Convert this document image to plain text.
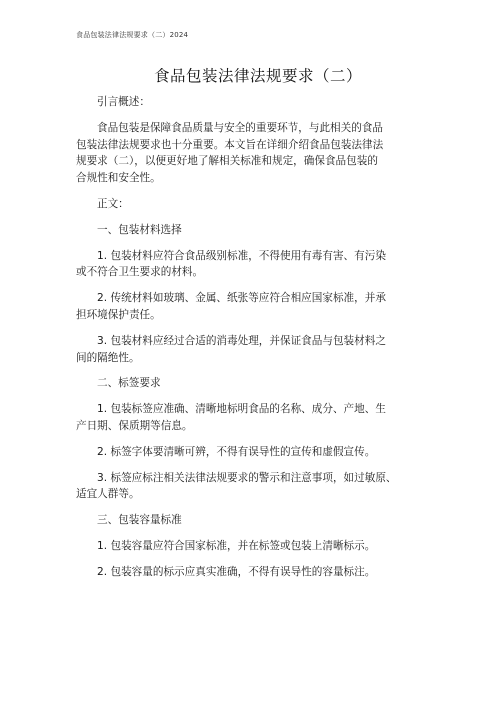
食品包装法律法规要求（二）2024
食品包装法律法规要求（二）

引言概述：

食品包装是保障食品质量与安全的重要环节，与此相关的食品
包装法律法规要求也十分重要。本文旨在详细介绍食品包装法律法
规要求（二），以便更好地了解相关标准和规定，确保食品包装的
合规性和安全性。

正文：

一、包装材料选择

1. 包装材料应符合食品级别标准，不得使用有毒有害、有污染
或不符合卫生要求的材料。

2. 传统材料如玻璃、金属、纸张等应符合相应国家标准，并承
担环境保护责任。

3. 包装材料应经过合适的消毒处理，并保证食品与包装材料之
间的隔绝性。

二、标签要求

1. 包装标签应准确、清晰地标明食品的名称、成分、产地、生
产日期、保质期等信息。

2. 标签字体要清晰可辨，不得有误导性的宣传和虚假宣传。

3. 标签应标注相关法律法规要求的警示和注意事项，如过敏原、
适宜人群等。

三、包装容量标准

1. 包装容量应符合国家标准，并在标签或包装上清晰标示。

2. 包装容量的标示应真实准确，不得有误导性的容量标注。
